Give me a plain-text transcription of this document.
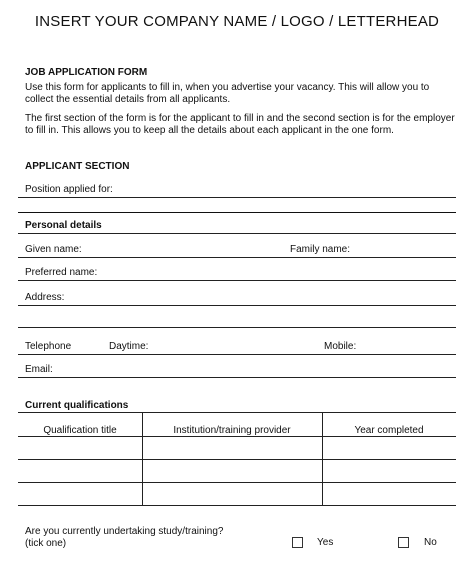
INSERT YOUR COMPANY NAME / LOGO / LETTERHEAD
JOB APPLICATION FORM
Use this form for applicants to fill in, when you advertise your vacancy. This will allow you to collect the essential details from all applicants.
The first section of the form is for the applicant to fill in and the second section is for the employer to fill in. This allows you to keep all the details about each applicant in the one form.
APPLICANT SECTION
Position applied for:
Personal details
Given name:	Family name:
Preferred name:
Address:
Telephone	Daytime:	Mobile:
Email:
Current qualifications
Qualification title	Institution/training provider	Year completed
Are you currently undertaking study/training?
(tick one)	Yes	No
